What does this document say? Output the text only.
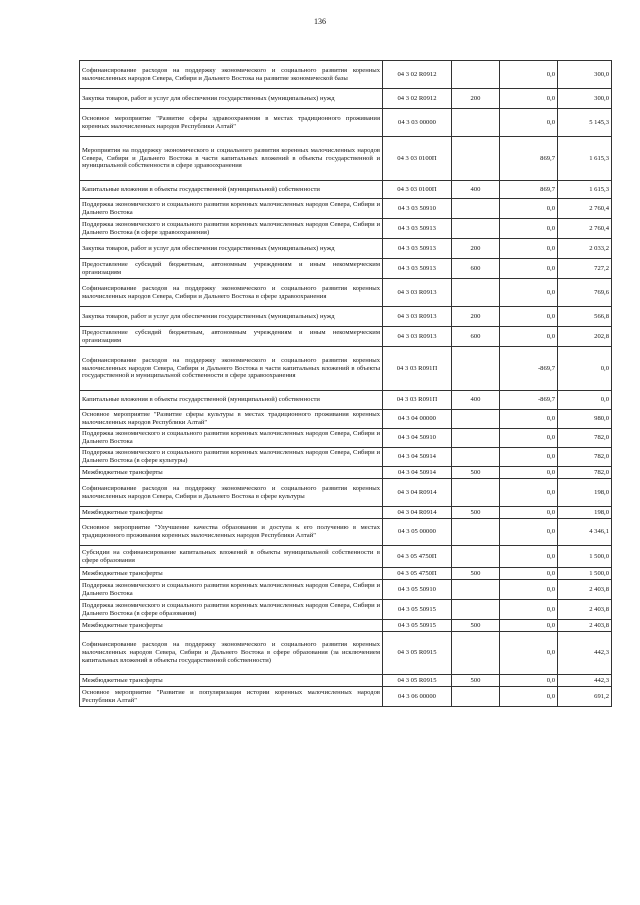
136
Софинансирование расходов на поддержку экономического и социального развития коренных малочисленных народов Севера, Сибири и Дальнего Востока на развитие экономической базы	04 3 02 R0912		0,0	300,0
Закупка товаров, работ и услуг для обеспечения государственных (муниципальных) нужд	04 3 02 R0912	200	0,0	300,0
Основное мероприятие "Развитие сферы здравоохранения в местах традиционного проживания коренных малочисленных народов Республики Алтай"	04 3 03 00000		0,0	5 145,3
Мероприятия на поддержку экономического и социального развития коренных малочисленных народов Севера, Сибири и Дальнего Востока в части капитальных вложений в объекты государственной и муниципальной собственности в сфере здравоохранения	04 3 03 0100П		869,7	1 615,3
Капитальные вложения в объекты государственной (муниципальной) собственности	04 3 03 0100П	400	869,7	1 615,3
Поддержка экономического и социального развития коренных малочисленных народов Севера, Сибири и Дальнего Востока	04 3 03 50910		0,0	2 760,4
Поддержка экономического и социального развития коренных малочисленных народов Севера, Сибири и Дальнего Востока (в сфере здравоохранения)	04 3 03 50913		0,0	2 760,4
Закупка товаров, работ и услуг для обеспечения государственных (муниципальных) нужд	04 3 03 50913	200	0,0	2 033,2
Предоставление субсидий бюджетным, автономным учреждениям и иным некоммерческим организациям	04 3 03 50913	600	0,0	727,2
Софинансирование расходов на поддержку экономического и социального развития коренных малочисленных народов Севера, Сибири и Дальнего Востока в сфере здравоохранения	04 3 03 R0913		0,0	769,6
Закупка товаров, работ и услуг для обеспечения государственных (муниципальных) нужд	04 3 03 R0913	200	0,0	566,8
Предоставление субсидий бюджетным, автономным учреждениям и иным некоммерческим организациям	04 3 03 R0913	600	0,0	202,8
Софинансирование расходов на поддержку экономического и социального развития коренных малочисленных народов Севера, Сибири и Дальнего Востока в части капитальных вложений в объекты государственной и муниципальной собственности в сфере здравоохранения	04 3 03 R091П		-869,7	0,0
Капитальные вложения в объекты государственной (муниципальной) собственности	04 3 03 R091П	400	-869,7	0,0
Основное мероприятие "Развитие сферы культуры в местах традиционного проживания коренных малочисленных народов Республики Алтай"	04 3 04 00000		0,0	980,0
Поддержка экономического и социального развития коренных малочисленных народов Севера, Сибири и Дальнего Востока	04 3 04 50910		0,0	782,0
Поддержка экономического и социального развития коренных малочисленных народов Севера, Сибири и Дальнего Востока (в сфере культуры)	04 3 04 50914		0,0	782,0
Межбюджетные трансферты	04 3 04 50914	500	0,0	782,0
Софинансирование расходов на поддержку экономического и социального развития коренных малочисленных народов Севера, Сибири и Дальнего Востока в сфере культуры	04 3 04 R0914		0,0	198,0
Межбюджетные трансферты	04 3 04 R0914	500	0,0	198,0
Основное мероприятие "Улучшение качества образования и доступа к его получению в местах традиционного проживания коренных малочисленных народов Республики Алтай"	04 3 05 00000		0,0	4 346,1
Субсидии на софинансирование капитальных вложений в объекты муниципальной собственности в сфере образования	04 3 05 4750П		0,0	1 500,0
Межбюджетные трансферты	04 3 05 4750П	500	0,0	1 500,0
Поддержка экономического и социального развития коренных малочисленных народов Севера, Сибири и Дальнего Востока	04 3 05 50910		0,0	2 403,8
Поддержка экономического и социального развития коренных малочисленных народов Севера, Сибири и Дальнего Востока (в сфере образования)	04 3 05 50915		0,0	2 403,8
Межбюджетные трансферты	04 3 05 50915	500	0,0	2 403,8
Софинансирование расходов на поддержку экономического и социального развития коренных малочисленных народов Севера, Сибири и Дальнего Востока в сфере образования (за исключением капитальных вложений в объекты государственной собственности)	04 3 05 R0915		0,0	442,3
Межбюджетные трансферты	04 3 05 R0915	500	0,0	442,3
Основное мероприятие "Развитие и популяризация истории коренных малочисленных народов Республики Алтай"	04 3 06 00000		0,0	691,2
